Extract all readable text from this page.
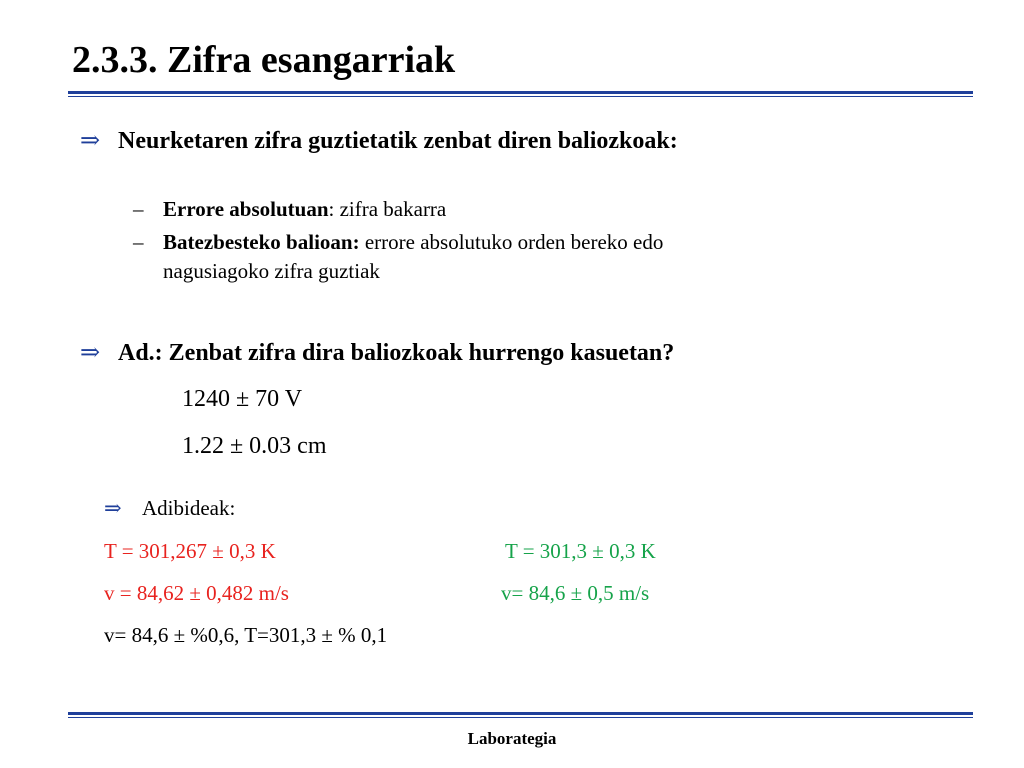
2.3.3. Zifra esangarriak
⇒ Neurketaren zifra guztietatik zenbat diren baliozkoak:
– Errore absolutuan: zifra bakarra
– Batezbesteko balioan: errore absolutuko orden bereko edo
nagusiagoko zifra guztiak
⇒ Ad.: Zenbat zifra dira baliozkoak hurrengo kasuetan?
1240 ± 70 V
1.22 ± 0.03 cm
⇒ Adibideak:
T = 301,267 ± 0,3 K	T = 301,3 ± 0,3 K
v = 84,62 ± 0,482 m/s	v= 84,6 ± 0,5 m/s
v= 84,6 ± %0,6, T=301,3 ± % 0,1
Laborategia
